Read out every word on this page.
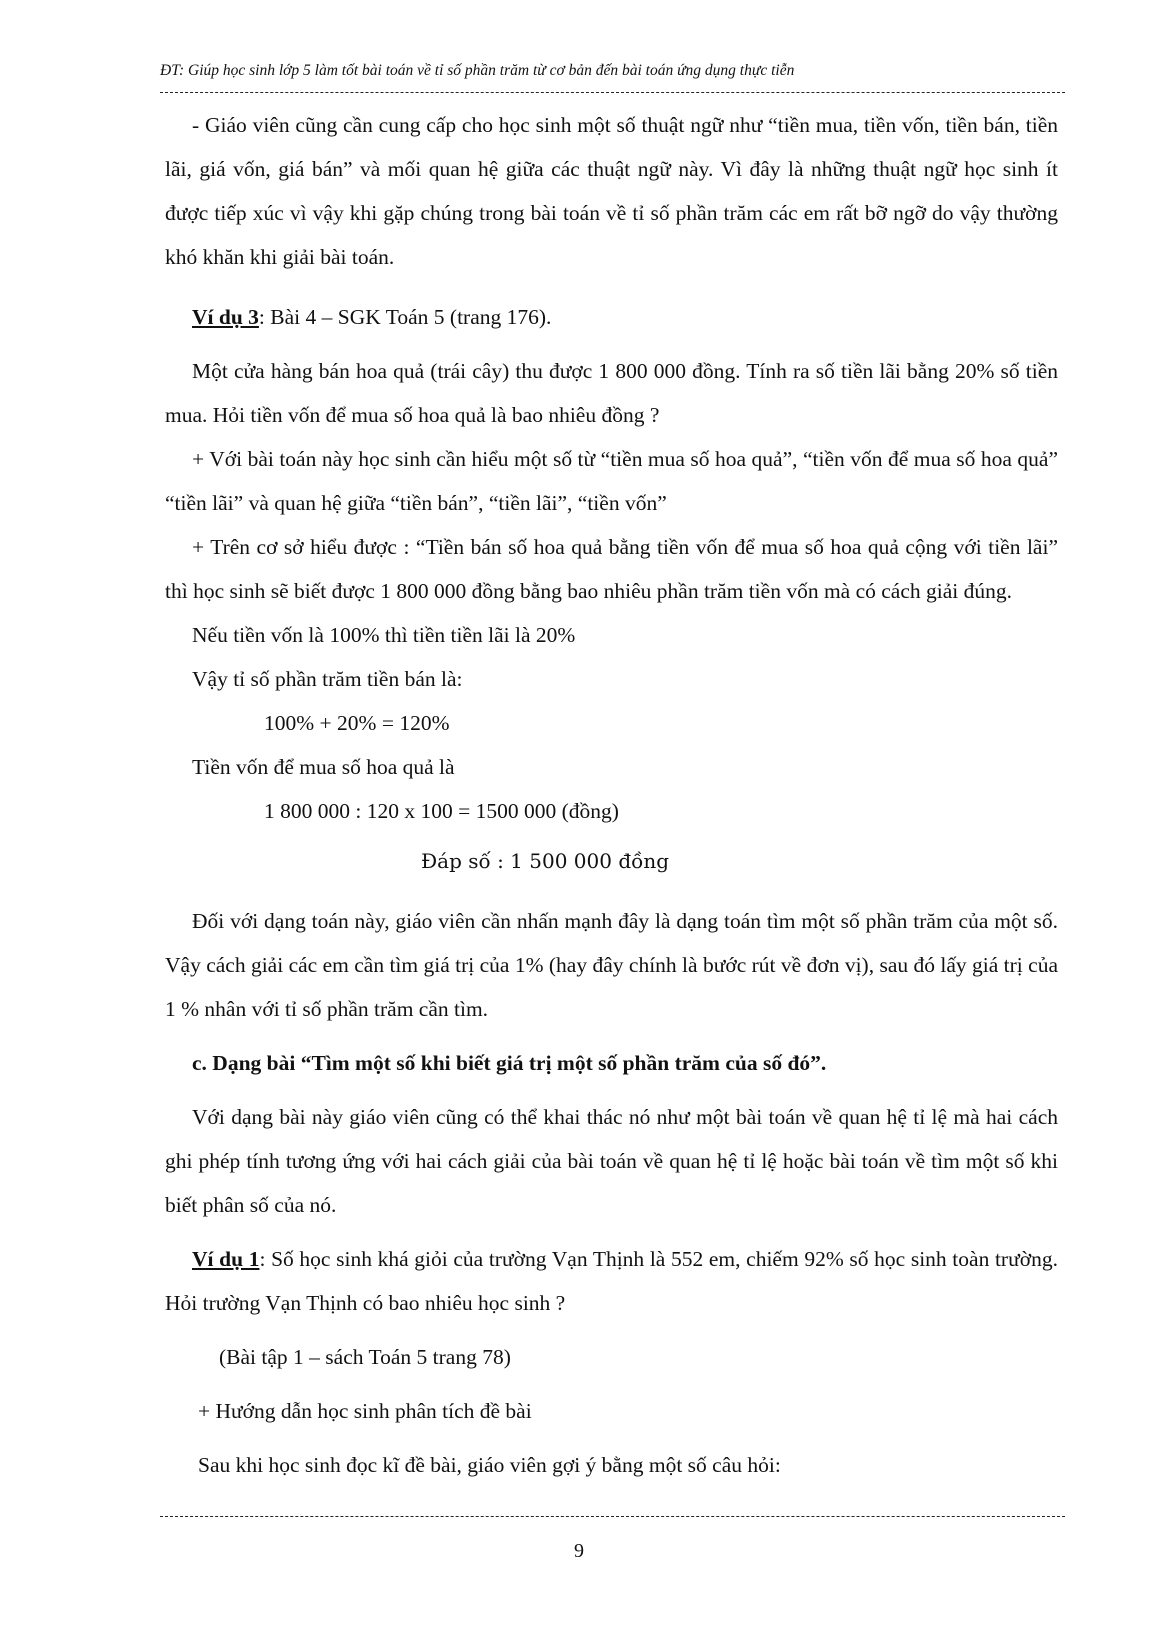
ĐT: Giúp học sinh lớp 5 làm tốt bài toán về tỉ số phần trăm từ cơ bản đến bài toán ứng dụng thực tiễn

- Giáo viên cũng cần cung cấp cho học sinh một số thuật ngữ như “tiền mua, tiền vốn, tiền bán, tiền lãi, giá vốn, giá bán” và mối quan hệ giữa các thuật ngữ này. Vì đây là những thuật ngữ học sinh ít được tiếp xúc vì vậy khi gặp chúng trong bài toán về tỉ số phần trăm các em rất bỡ ngỡ do vậy thường khó khăn khi giải bài toán.

Ví dụ 3: Bài 4 – SGK Toán 5 (trang 176).

Một cửa hàng bán hoa quả (trái cây) thu được 1 800 000 đồng. Tính ra số tiền lãi bằng 20% số tiền mua. Hỏi tiền vốn để mua số hoa quả là bao nhiêu đồng ?

+ Với bài toán này học sinh cần hiểu một số từ “tiền mua số hoa quả”, “tiền vốn để mua số hoa quả” “tiền lãi” và quan hệ giữa “tiền bán”, “tiền lãi”, “tiền vốn”

+ Trên cơ sở hiểu được : “Tiền bán số hoa quả bằng tiền vốn để mua số hoa quả cộng với tiền lãi” thì học sinh sẽ biết được 1 800 000 đồng bằng bao nhiêu phần trăm tiền vốn mà có cách giải đúng.

Nếu tiền vốn là 100% thì tiền tiền lãi là 20%

Vậy tỉ số phần trăm tiền bán là:

100% + 20% = 120%

Tiền vốn để mua số hoa quả là

1 800 000 : 120 x 100 = 1500 000 (đồng)

Đáp số : 1 500 000 đồng

Đối với dạng toán này, giáo viên cần nhấn mạnh đây là dạng toán tìm một số phần trăm của một số. Vậy cách giải các em cần tìm giá trị của 1% (hay đây chính là bước rút về đơn vị), sau đó lấy giá trị của 1 % nhân với tỉ số phần trăm cần tìm.

c. Dạng bài “Tìm một số khi biết giá trị một số phần trăm của số đó”.

Với dạng bài này giáo viên cũng có thể khai thác nó như một bài toán về quan hệ tỉ lệ mà hai cách ghi phép tính tương ứng với hai cách giải của bài toán về quan hệ tỉ lệ hoặc bài toán về tìm một số khi biết phân số của nó.

Ví dụ 1: Số học sinh khá giỏi của trường Vạn Thịnh là 552 em, chiếm 92% số học sinh toàn trường. Hỏi trường Vạn Thịnh có bao nhiêu học sinh ?

(Bài tập 1 – sách Toán 5 trang 78)

+ Hướng dẫn học sinh phân tích đề bài

Sau khi học sinh đọc kĩ đề bài, giáo viên gợi ý bằng một số câu hỏi:

9
